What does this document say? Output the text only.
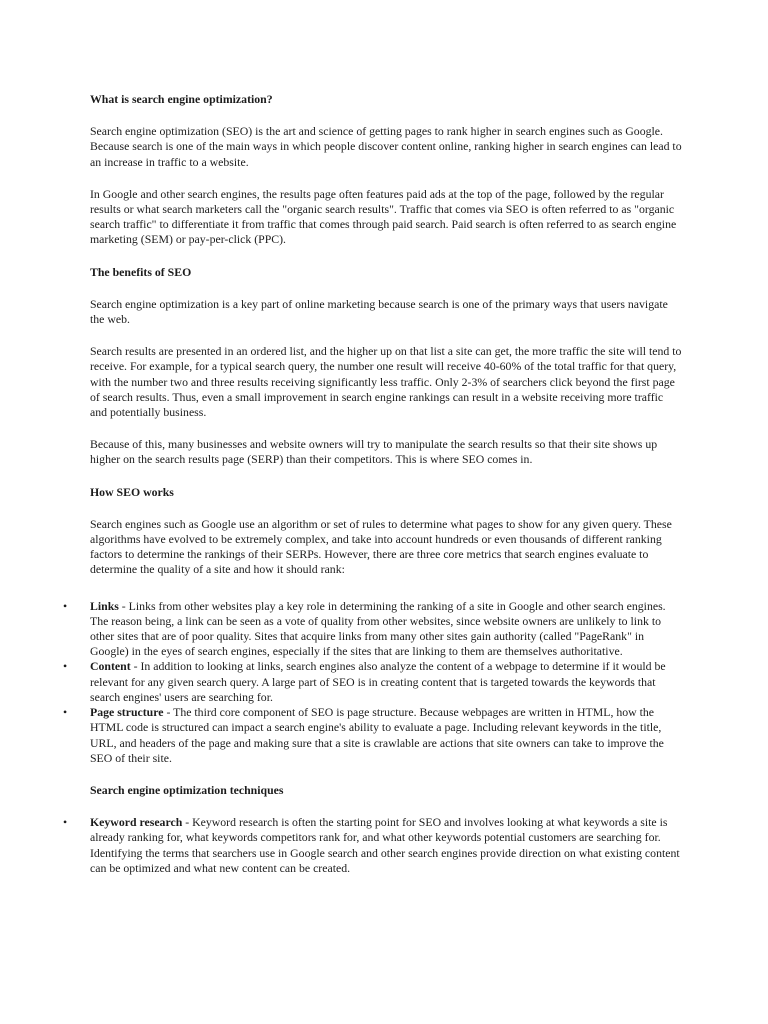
What is search engine optimization?

Search engine optimization (SEO) is the art and science of getting pages to rank higher in search engines such as Google. Because search is one of the main ways in which people discover content online, ranking higher in search engines can lead to an increase in traffic to a website.

In Google and other search engines, the results page often features paid ads at the top of the page, followed by the regular results or what search marketers call the "organic search results". Traffic that comes via SEO is often referred to as "organic search traffic" to differentiate it from traffic that comes through paid search. Paid search is often referred to as search engine marketing (SEM) or pay-per-click (PPC).

The benefits of SEO

Search engine optimization is a key part of online marketing because search is one of the primary ways that users navigate the web.

Search results are presented in an ordered list, and the higher up on that list a site can get, the more traffic the site will tend to receive. For example, for a typical search query, the number one result will receive 40-60% of the total traffic for that query, with the number two and three results receiving significantly less traffic. Only 2-3% of searchers click beyond the first page of search results. Thus, even a small improvement in search engine rankings can result in a website receiving more traffic and potentially business.

Because of this, many businesses and website owners will try to manipulate the search results so that their site shows up higher on the search results page (SERP) than their competitors. This is where SEO comes in.

How SEO works

Search engines such as Google use an algorithm or set of rules to determine what pages to show for any given query. These algorithms have evolved to be extremely complex, and take into account hundreds or even thousands of different ranking factors to determine the rankings of their SERPs. However, there are three core metrics that search engines evaluate to determine the quality of a site and how it should rank:

•	Links - Links from other websites play a key role in determining the ranking of a site in Google and other search engines. The reason being, a link can be seen as a vote of quality from other websites, since website owners are unlikely to link to other sites that are of poor quality. Sites that acquire links from many other sites gain authority (called "PageRank" in Google) in the eyes of search engines, especially if the sites that are linking to them are themselves authoritative.
•	Content - In addition to looking at links, search engines also analyze the content of a webpage to determine if it would be relevant for any given search query. A large part of SEO is in creating content that is targeted towards the keywords that search engines' users are searching for.
•	Page structure - The third core component of SEO is page structure. Because webpages are written in HTML, how the HTML code is structured can impact a search engine's ability to evaluate a page. Including relevant keywords in the title, URL, and headers of the page and making sure that a site is crawlable are actions that site owners can take to improve the SEO of their site.
Search engine optimization techniques
•	Keyword research - Keyword research is often the starting point for SEO and involves looking at what keywords a site is already ranking for, what keywords competitors rank for, and what other keywords potential customers are searching for. Identifying the terms that searchers use in Google search and other search engines provide direction on what existing content can be optimized and what new content can be created.
